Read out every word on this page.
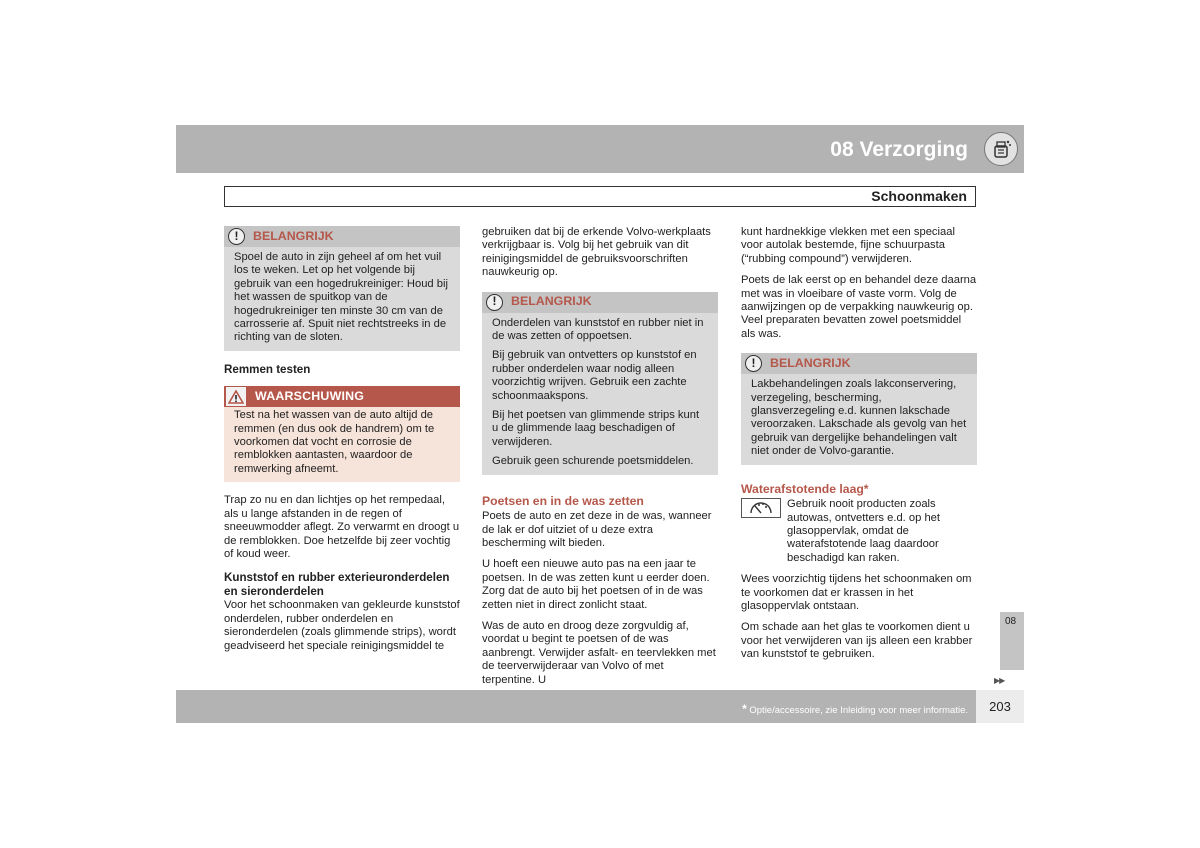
08 Verzorging
Schoonmaken
!	BELANGRIJK

Spoel de auto in zijn geheel af om het vuil los te weken. Let op het volgende bij gebruik van een hogedrukreiniger: Houd bij het wassen de spuitkop van de hogedrukreiniger ten minste 30 cm van de carrosserie af. Spuit niet rechtstreeks in de richting van de sloten.

Remmen testen
WAARSCHUWING

Test na het wassen van de auto altijd de remmen (en dus ook de handrem) om te voorkomen dat vocht en corrosie de remblokken aantasten, waardoor de remwerking afneemt.

Trap zo nu en dan lichtjes op het rempedaal, als u lange afstanden in de regen of sneeuwmodder aflegt. Zo verwarmt en droogt u de remblokken. Doe hetzelfde bij zeer vochtig of koud weer.

Kunststof en rubber exterieuronderdelen en sieronderdelen

Voor het schoonmaken van gekleurde kunststof onderdelen, rubber onderdelen en sieronderdelen (zoals glimmende strips), wordt geadviseerd het speciale reinigingsmiddel te

gebruiken dat bij de erkende Volvo-werkplaats verkrijgbaar is. Volg bij het gebruik van dit reinigingsmiddel de gebruiksvoorschriften nauwkeurig op.

!	BELANGRIJK

Onderdelen van kunststof en rubber niet in de was zetten of oppoetsen.

Bij gebruik van ontvetters op kunststof en rubber onderdelen waar nodig alleen voorzichtig wrijven. Gebruik een zachte schoonmaakspons.

Bij het poetsen van glimmende strips kunt u de glimmende laag beschadigen of verwijderen.

Gebruik geen schurende poetsmiddelen.

Poetsen en in de was zetten

Poets de auto en zet deze in de was, wanneer de lak er dof uitziet of u deze extra bescherming wilt bieden.

U hoeft een nieuwe auto pas na een jaar te poetsen. In de was zetten kunt u eerder doen. Zorg dat de auto bij het poetsen of in de was zetten niet in direct zonlicht staat.

Was de auto en droog deze zorgvuldig af, voordat u begint te poetsen of de was aanbrengt. Verwijder asfalt- en teervlekken met de teerverwijderaar van Volvo of met terpentine. U

kunt hardnekkige vlekken met een speciaal voor autolak bestemde, fijne schuurpasta (“rubbing compound”) verwijderen.

Poets de lak eerst op en behandel deze daarna met was in vloeibare of vaste vorm. Volg de aanwijzingen op de verpakking nauwkeurig op. Veel preparaten bevatten zowel poetsmiddel als was.

!	BELANGRIJK

Lakbehandelingen zoals lakconservering, verzegeling, bescherming, glansverzegeling e.d. kunnen lakschade veroorzaken. Lakschade als gevolg van het gebruik van dergelijke behandelingen valt niet onder de Volvo-garantie.

Waterafstotende laag*

Gebruik nooit producten zoals autowas, ontvetters e.d. op het glasoppervlak, omdat de waterafstotende laag daardoor beschadigd kan raken.

Wees voorzichtig tijdens het schoonmaken om te voorkomen dat er krassen in het glasoppervlak ontstaan.

Om schade aan het glas te voorkomen dient u voor het verwijderen van ijs alleen een krabber van kunststof te gebruiken.

08
▶▶
* Optie/accessoire, zie Inleiding voor meer informatie.	203
